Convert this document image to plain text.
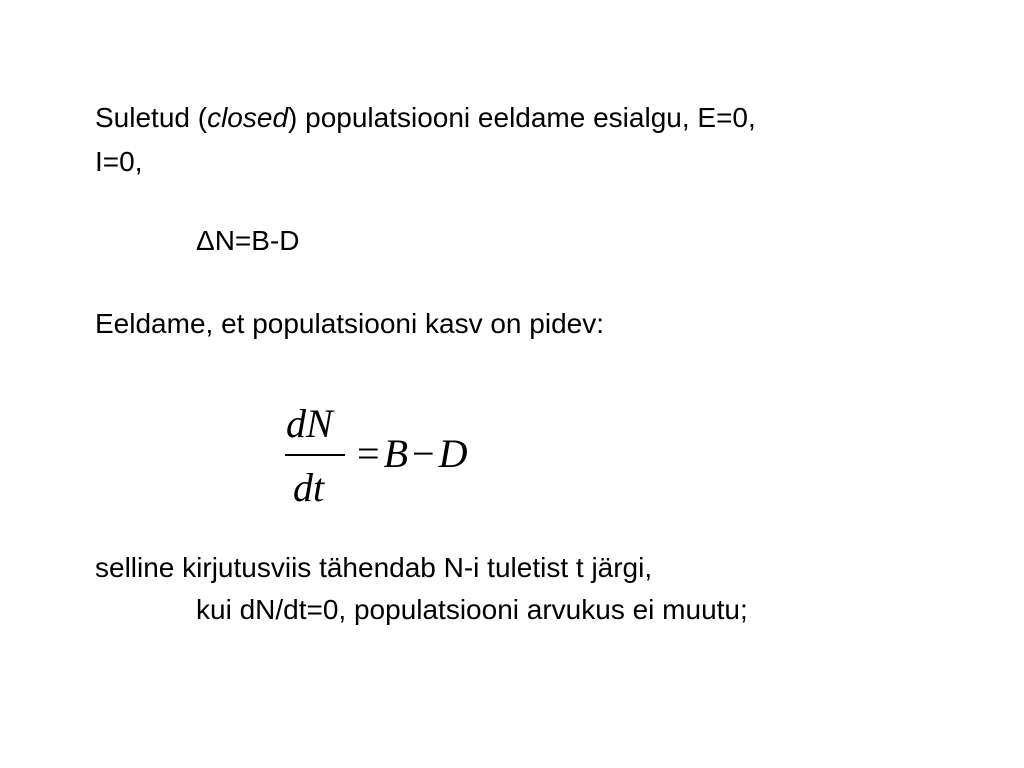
Suletud (closed) populatsiooni eeldame esialgu, E=0,
I=0,
ΔN=B-D
Eeldame, et populatsiooni kasv on pidev:
dN
dt
= B − D
selline kirjutusviis tähendab N-i tuletist t järgi,
kui dN/dt=0, populatsiooni arvukus ei muutu;
